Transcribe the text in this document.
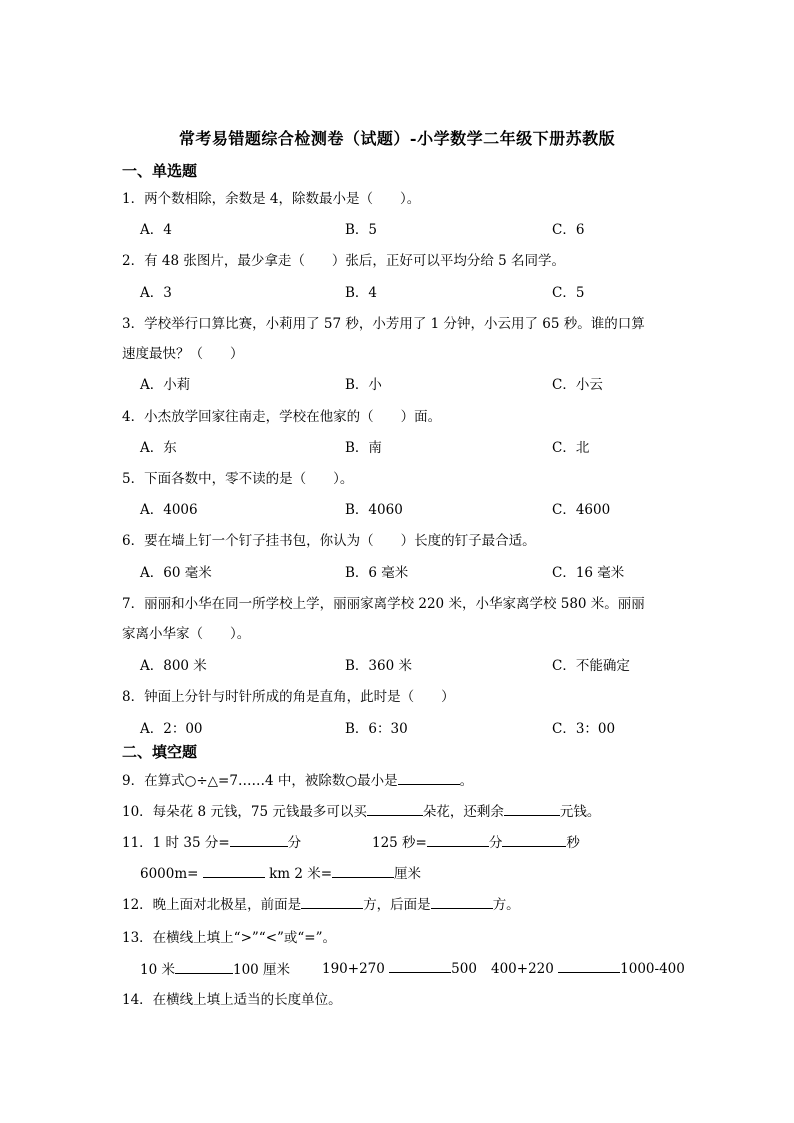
常考易错题综合检测卷（试题）-小学数学二年级下册苏教版
一、单选题
1．两个数相除，余数是 4，除数最小是（　　）。
A．4	B．5	C．6
2．有 48 张图片，最少拿走（　　）张后，正好可以平均分给 5 名同学。
A．3	B．4	C．5
3．学校举行口算比赛，小莉用了 57 秒，小芳用了 1 分钟，小云用了 65 秒。谁的口算
速度最快？（　　）
A．小莉	B．小	C．小云
4．小杰放学回家往南走，学校在他家的（　　）面。
A．东	B．南	C．北
5．下面各数中，零不读的是（　　）。
A．4006	B．4060	C．4600
6．要在墙上钉一个钉子挂书包，你认为（　　）长度的钉子最合适。
A．60 毫米	B．6 毫米	C．16 毫米
7．丽丽和小华在同一所学校上学，丽丽家离学校 220 米，小华家离学校 580 米。丽丽
家离小华家（　　）。
A．800 米	B．360 米	C．不能确定
8．钟面上分针与时针所成的角是直角，此时是（　　）
A．2：00	B．6：30	C．3：00
二、填空题
9．在算式○÷△=7……4 中，被除数○最小是	。
10．每朵花 8 元钱，75 元钱最多可以买	朵花，还剩余	元钱。
11．1 时 35 分=	分	125 秒=	分	秒
6000m=	km 2 米=	厘米
12．晚上面对北极星，前面是	方，后面是	方。
13．在横线上填上“>”“<”或“=”。
10 米	100 厘米 190+270	500 400+220	1000-400
14．在横线上填上适当的长度单位。
